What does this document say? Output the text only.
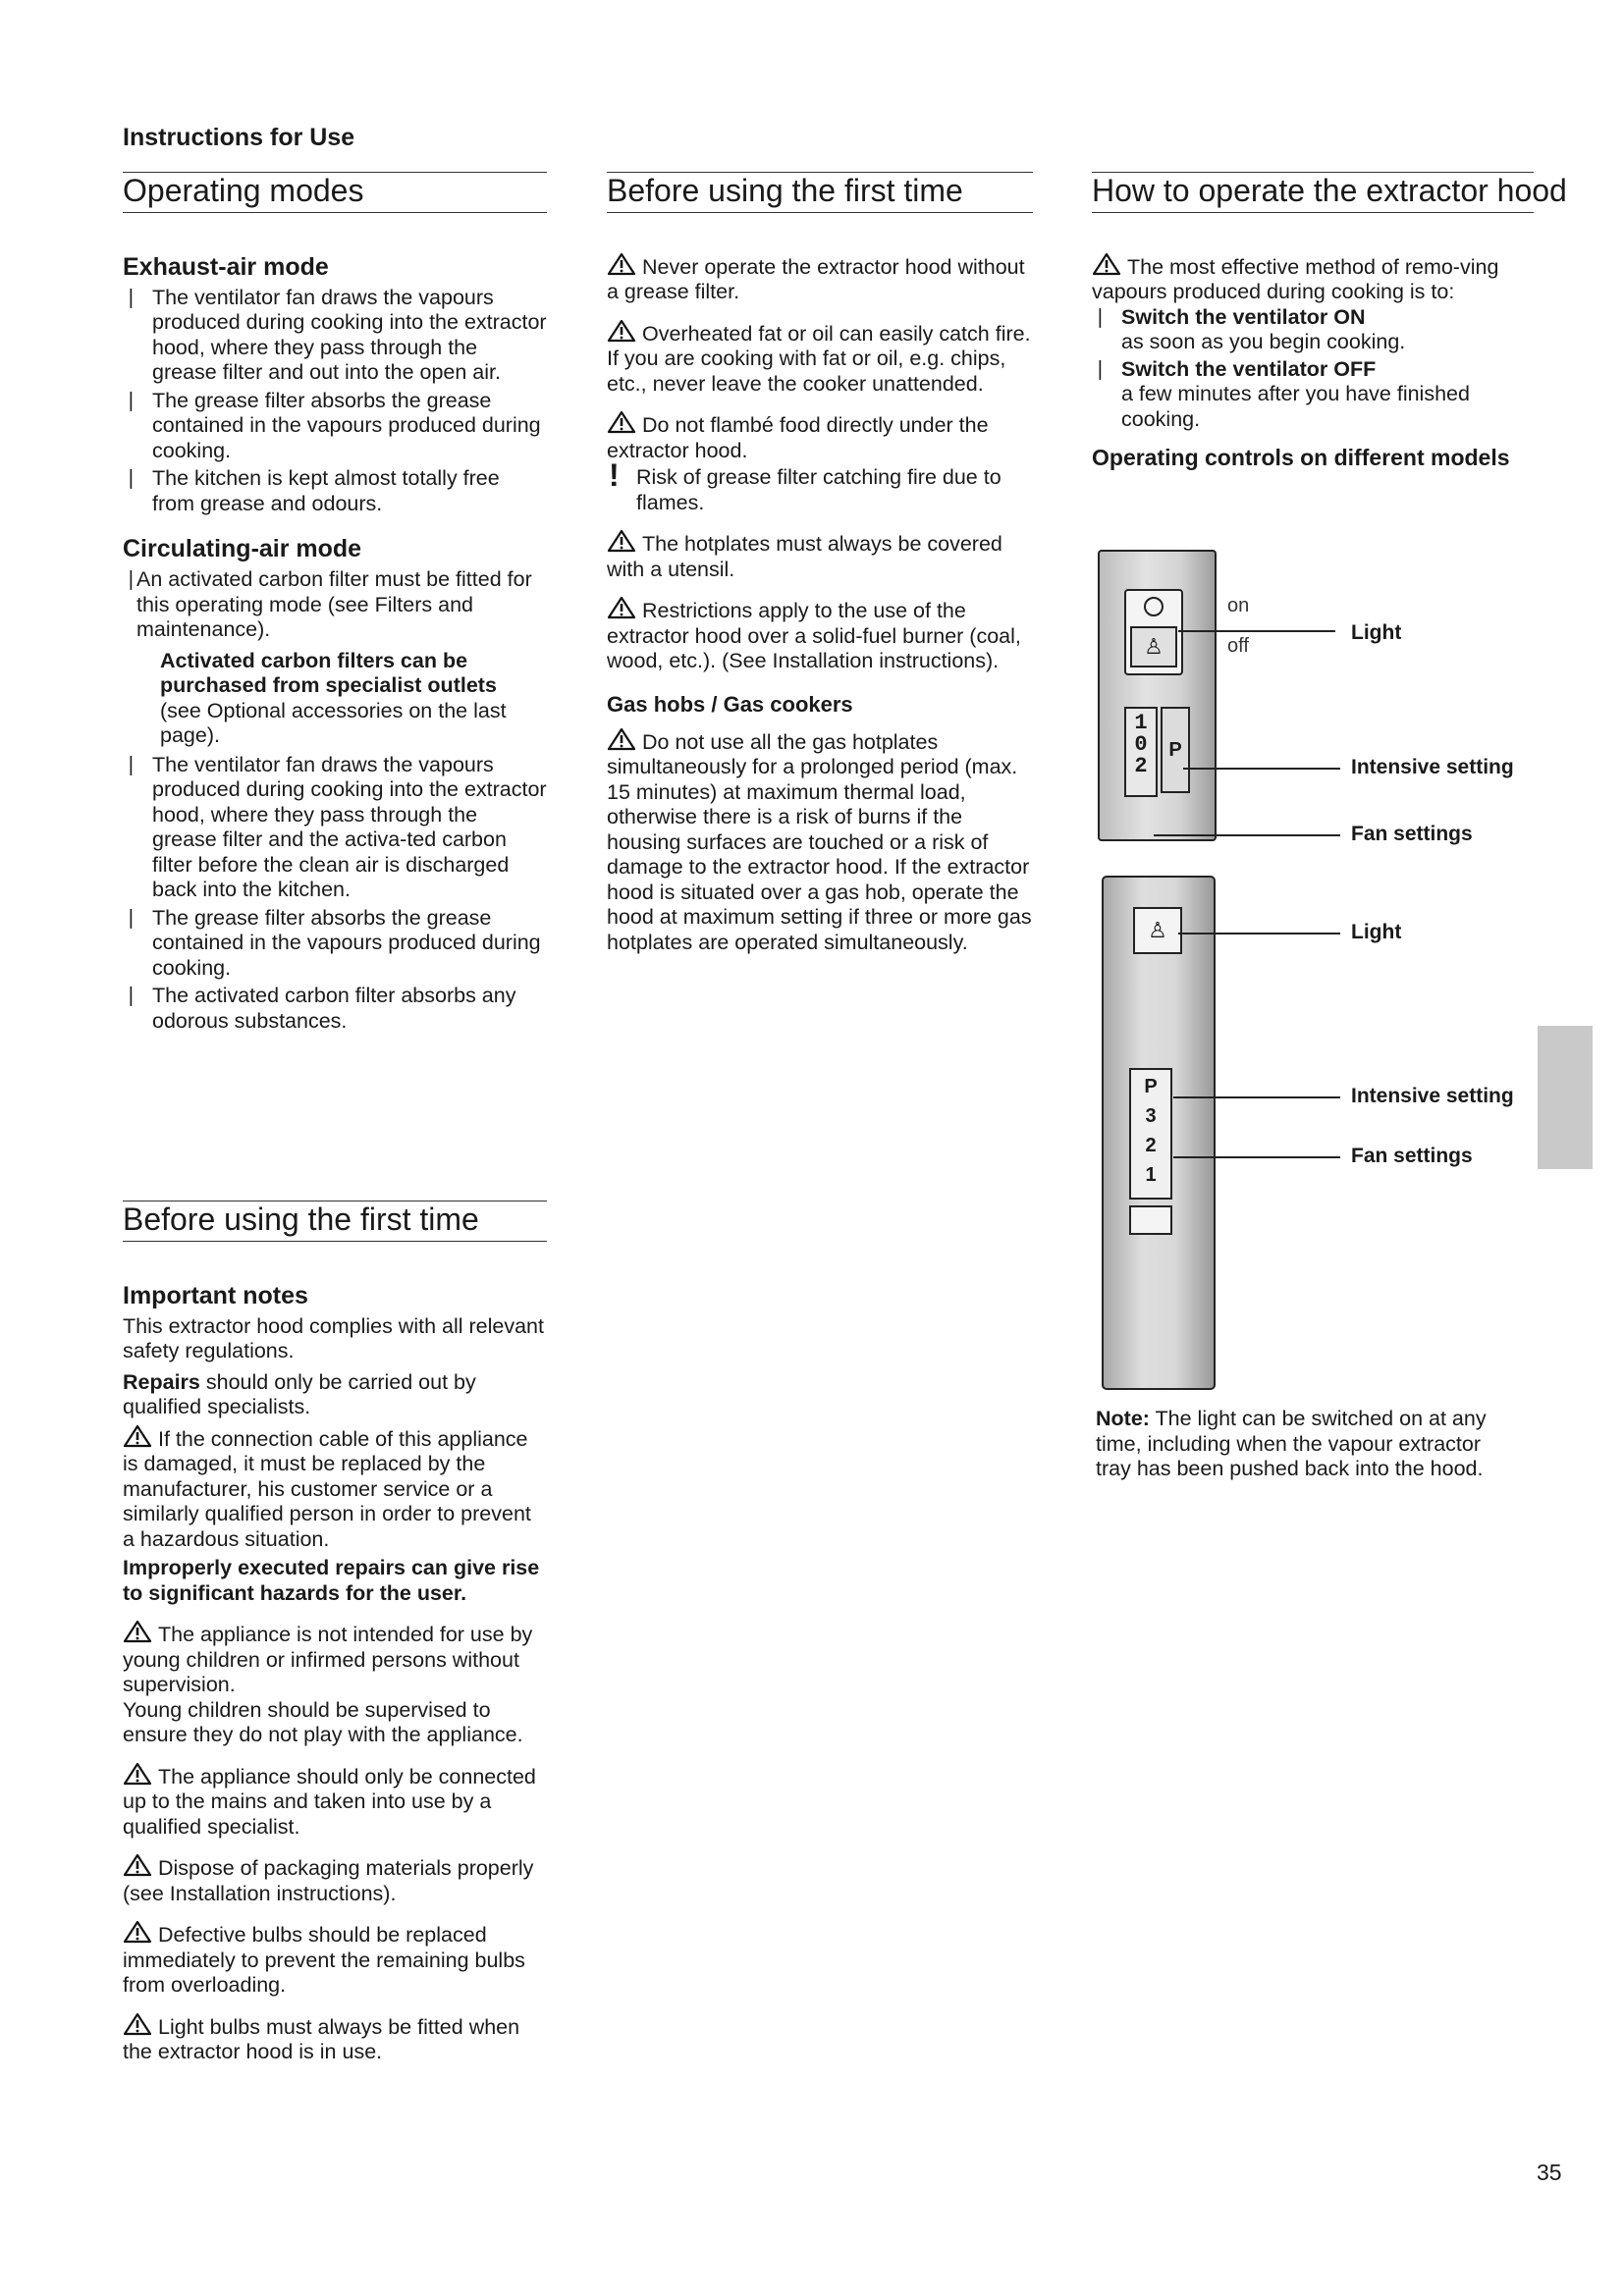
Instructions for Use
Operating modes
Exhaust-air mode
❘ The ventilator fan draws the vapours produced during cooking into the extractor hood, where they pass through the grease filter and out into the open air.
❘ The grease filter absorbs the grease contained in the vapours produced during cooking.
❘ The kitchen is kept almost totally free from grease and odours.
Circulating-air mode
❘
An activated carbon filter must be fitted for this operating mode (see Filters and maintenance).
Activated carbon filters can be purchased from specialist outlets
(see Optional accessories on the last page).
❘ The ventilator fan draws the vapours produced during cooking into the extractor hood, where they pass through the grease filter and the activa-ted carbon filter before the clean air is discharged back into the kitchen.
❘ The grease filter absorbs the grease contained in the vapours produced during cooking.
❘ The activated carbon filter absorbs any odorous substances.
Before using the first time
Important notes

This extractor hood complies with all relevant safety regulations.

Repairs should only be carried out by qualified specialists.

If the connection cable of this appliance is damaged, it must be replaced by the manufacturer, his customer service or a similarly qualified person in order to prevent a hazardous situation.

Improperly executed repairs can give rise to significant hazards for the user.

The appliance is not intended for use by young children or infirmed persons without supervision.
Young children should be supervised to ensure they do not play with the appliance.

The appliance should only be connected up to the mains and taken into use by a qualified specialist.

Dispose of packaging materials properly (see Installation instructions).

Defective bulbs should be replaced immediately to prevent the remaining bulbs from overloading.

Light bulbs must always be fitted when the extractor hood is in use.

Before using the first time

Never operate the extractor hood without a grease filter.

Overheated fat or oil can easily catch fire.
If you are cooking with fat or oil, e.g. chips, etc., never leave the cooker unattended.

Do not flambé food directly under the extractor hood.

! Risk of grease filter catching fire due to flames.

The hotplates must always be covered with a utensil.

Restrictions apply to the use of the extractor hood over a solid-fuel burner (coal, wood, etc.). (See Installation instructions).

Gas hobs / Gas cookers

Do not use all the gas hotplates simultaneously for a prolonged period (max. 15 minutes) at maximum thermal load, otherwise there is a risk of burns if the housing surfaces are touched or a risk of damage to the extractor hood. If the extractor hood is situated over a gas hob, operate the hood at maximum setting if three or more gas hotplates are operated simultaneously.

How to operate the extractor hood

The most effective method of remo-ving vapours produced during cooking is to:

❘ Switch the ventilator ON
as soon as you begin cooking.
❘ Switch the ventilator OFF
a few minutes after you have finished cooking.
Operating controls on different models
♙
1
0
2
P
on
off
Light
Intensive setting
Fan settings
♙
P
3
2
1
Light
Intensive setting
Fan settings

Note: The light can be switched on at any time, including when the vapour extractor tray has been pushed back into the hood.

35
